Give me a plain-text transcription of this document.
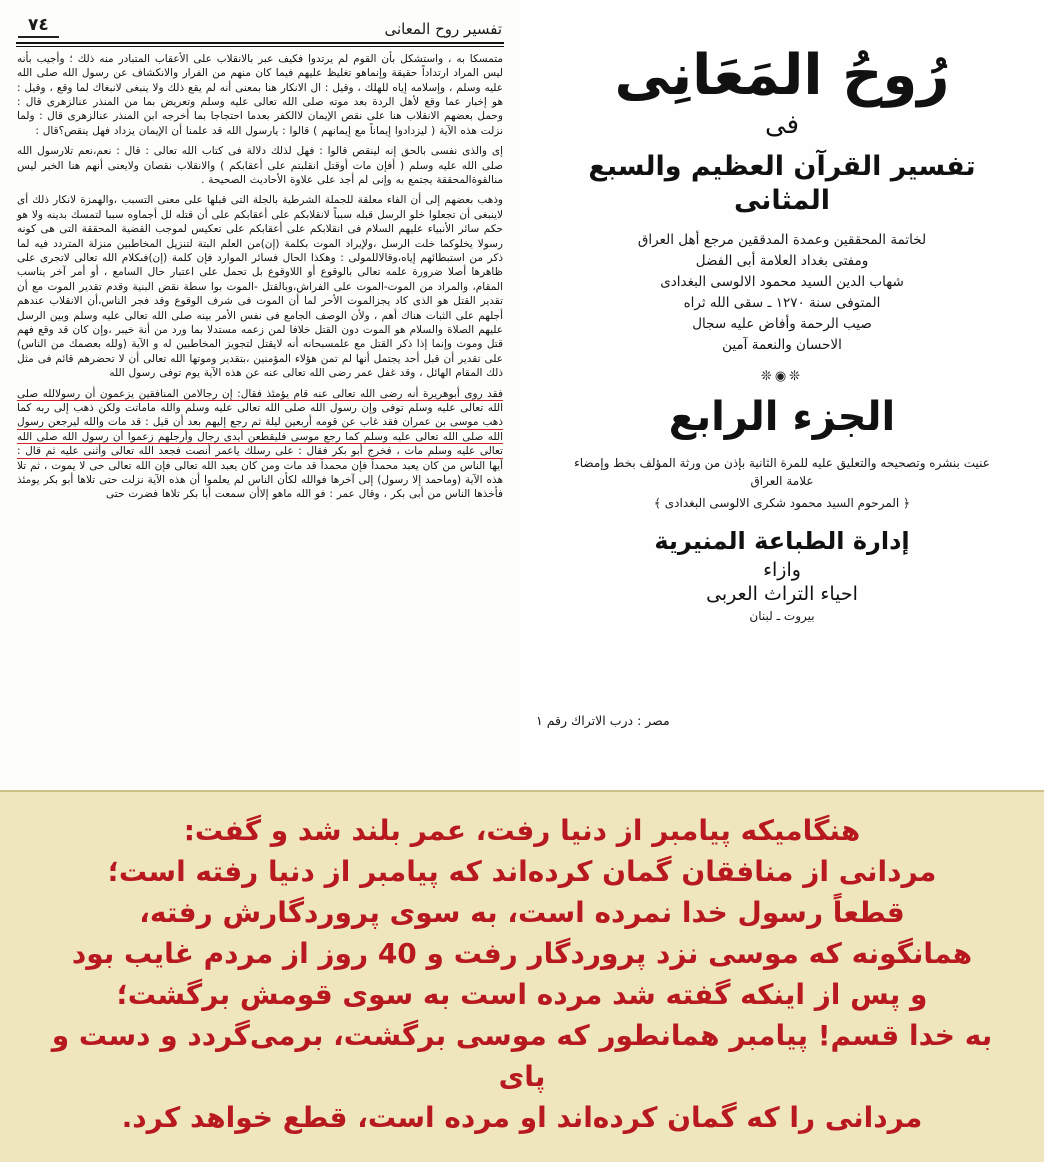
رُوحُ المَعَانِى
فى
تفسير القرآن العظيم والسبع المثانى
لخاتمة المحققين وعمدة المدققين مرجع أهل العراق
ومفتى بغداد العلامة أبى الفضل
شهاب الدين السيد محمود الالوسى البغدادى
المتوفى سنة ١٢٧٠ ـ سقى الله ثراه
صيب الرحمة وأفاض عليه سجال
الاحسان والنعمة آمين
❊◉❊
الجزء الرابع
عنيت بنشره وتصحيحه والتعليق عليه للمرة الثانية بإذن من ورثة المؤلف بخط وإمضاء علامة العراق
﴿ المرحوم السيد محمود شكرى الالوسى البغدادى ﴾
إدارة الطباعة المنيرية
وازاء
احياء التراث العربى
بيروت ـ لبنان
مصر : درب الاتراك رقم ١
تفسير روح المعانى
٧٤

متمسكا به ، واستشكل بأن القوم لم يرتدوا فكيف عبر بالانقلاب على الأعقاب المتبادر منه ذلك ؛ وأجيب بأنه ليس المراد ارتداداً حقيقة وإنماهو تغليظ عليهم فيما كان منهم من الفرار والانكشاف عن رسول الله صلى الله عليه وسلم ، وإسلامه إياه للهلك ، وقيل : ال الانكار هنا بمعنى أنه لم يقع ذلك ولا ينبغى لانبغاك لما وقع ، وقيل : هو إخبار عما وقع لأهل الردة بعد موته صلى الله تعالى عليه وسلم وتعريض بما من المنذر عنالزهرى قال : وحمل بعضهم الانقلاب هنا على نقص الإيمان لاالكفر بعدما احتجاجا بما أخرجه ابن المنذر عنالزهرى قال : ولما نزلت هذه الآية ( ليزدادوا إيماناً مع إيمانهم ) قالوا : يارسول الله قد علمنا أن الإيمان يزداد فهل ينقص؟قال :

إى والذى نفسى بالحق إنه لينقص قالوا : فهل لذلك دلالة فى كتاب الله تعالى : قال : نعم،نعم تلارسول الله صلى الله عليه وسلم ( أفإن مات أوقتل انقلبتم على أعقابكم ) والانقلاب نقصان ولايعنى أنهم هنا الخبر ليس منالقوةالمحققة يجتمع به وإنى لم أجد على علاوة الأحاديث الصحيحة .

وذهب بعضهم إلى أن الفاء معلقة للجملة الشرطية بالجلة التى قبلها على معنى التسبب ،والهمزة لانكار ذلك أى لاينبغى أن تجعلوا خلو الرسل قبله سبباً لانقلابكم على أعقابكم على أن قتله لل أجماوه سببا لتمسك بدينه ولا هو حكم سائر الأنبياء عليهم السلام فى انقلابكم على أعقابكم على تعكيس لموجب القضية المحققة التى هى كونه رسولا يخلوكما خلت الرسل ،ولإيراد الموت بكلمة (إن)من العلم البتة لتنزيل المخاطبين منزلة المتردد فيه لما ذكر من استبطائهم إياه،وقالاللمولى : وهكذا الحال فسائر الموارد فإن كلمة (إن)فىكلام الله تعالى لاتجرى على ظاهرها أصلا ضرورة علمه تعالى بالوقوع أو اللاوقوع بل تحمل على اعتبار حال السامع ، أو أمر آخر يناسب المقام، والمراد من الموت-الموت على الفراش،وبالقتل -الموت بوا سطة نقض البنية وقدم تقدير الموت مع أن تقدير القتل هو الذى كاد يجزالموت الأحر لما أن الموت فى شرف الوقوع وقد فجر الناس،أن الانقلاب عندهم أجلهم على الثبات هناك أهم ، ولأن الوصف الجامع فى نفس الأمر بينه صلى الله تعالى عليه وسلم وبين الرسل عليهم الصلاة والسلام هو الموت دون القتل خلافا لمن زعمه مستدلا بما ورد من أنة خيبر ،وإن كان قد وقع فهم قتل وموت وإنما إذا ذكر القتل مع علمسبحانه أنه لايقتل لتجويز المخاطبين له و الآية (ولله بعصمك من الناس) على تقدير أن قبل أحد يجتمل أنها لم تمن هؤلاء المؤمنين ،بتقدير وموتها الله تعالى أن لا تحضرهم قائم فى مثل ذلك المقام الهائل ، وقد غفل عمر رضى الله تعالى عنه عن هذه الآية يوم توفى رسول الله

فقد روى أبوهريرة أنه رضى الله تعالى عنه قام يؤمئذ فقال: إن رجالامن المنافقين يزعمون أن رسولالله صلى الله تعالى عليه وسلم توفى وإن رسول الله صلى الله تعالى عليه وسلم والله ماماتت ولكن ذهب إلى ربه كما ذهب موسى بن عمران فقد غاب عن قومه أربعين ليلة ثم رجع إليهم بعد أن قيل : قد مات والله ليرجعن رسول الله صلى الله تعالى عليه وسلم كما رجع موسى فليقطعن أيدى رجال وأرجلهم زعموا أن رسول الله صلى الله تعالى عليه وسلم مات ، فخرج أبو بكر فقال : على رسلك ياعمر أنصت فجعد الله تعالى وأثنى عليه ثم قال : أيها الناس من كان يعبد محمداً فإن محمداً قد مات ومن كان يعبد الله تعالى فإن الله تعالى حى لا يموت ، ثم تلا هذه الآية (وماحمد إلا رسول) إلى آخرها فوالله لكأن الناس لم يعلموا أن هذه الآية نزلت حتى تلاها أبو بكر يومئذ فأخذها الناس من أبى بكر ، وقال عمر : فو الله ماهو إلاأن سمعت أبا بكر تلاها فضرت حتى

هنگامیکه پیامبر از دنیا رفت، عمر بلند شد و گفت:

مردانی از منافقان گمان کرده‌اند که پیامبر از دنیا رفته است؛

قطعاً رسول خدا نمرده است، به سوی پروردگارش رفته،

همانگونه که موسی نزد پروردگار رفت و 40 روز از مردم غایب بود

و پس از اینکه گفته شد مرده است به سوی قومش برگشت؛

به خدا قسم! پیامبر همانطور که موسی برگشت، برمی‌گردد و دست و پای

مردانی را که گمان کرده‌اند او مرده است، قطع خواهد کرد.
